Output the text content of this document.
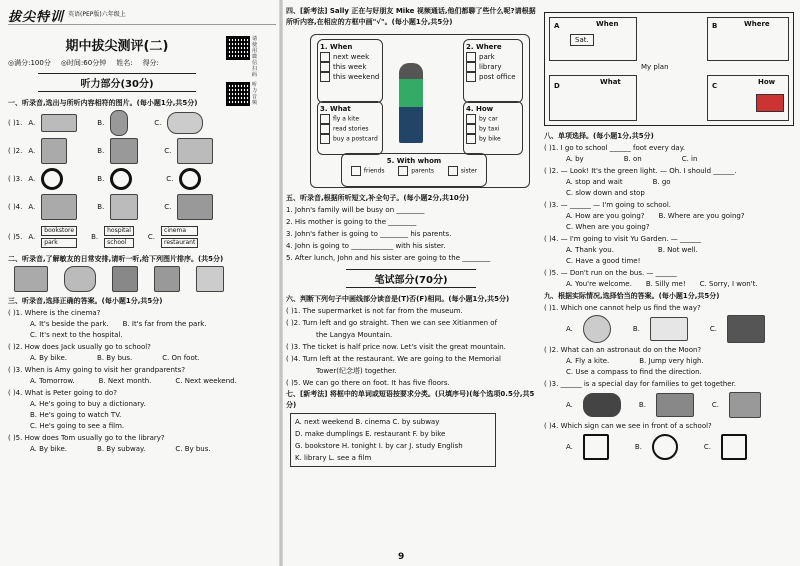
拔尖特训 英语(PEP版)六年级上
请使用微信扫码
听力音频
期中拔尖测评(二)
◎满分:100分 ◎时间:60分钟 姓名: 得分:
听力部分(30分)

一、听录音,选出与所听内容相符的图片。(每小题1分,共5分)

( )1. A.	B.	C.
( )2. A.	B.	C.
( )3. A.	B.	C.
( )4. A.	B.	C.
( )5. A.
bookstore
park
B.
hospital
school
C.
cinema
restaurant

二、听录音,了解敏友的日常安排,请听一听,给下列图片排序。(共5分)

三、听录音,选择正确的答案。(每小题1分,共5分)

( )1. Where is the cinema?

A. It's beside the park. B. It's far from the park.
C. It's next to the hospital.

( )2. How does Jack usually go to school?

A. By bike.	B. By bus.	C. On foot.

( )3. When is Amy going to visit her grandparents?

A. Tomorrow.	B. Next month.	C. Next weekend.

( )4. What is Peter going to do?

A. He's going to buy a dictionary.
B. He's going to watch TV.
C. He's going to see a film.

( )5. How does Tom usually go to the library?

A. By bike.	B. By subway.	C. By bus.

四、[新考法] Sally 正在与好朋友 Mike 视频通话,他们都聊了些什么呢?请根据所听内容,在相应的方框中画"√"。(每小题1分,共5分)

1. When
next week
this week
this weekend
2. Where
park
library
post office
3. What
fly a kite
read stories
buy a postcard
4. How
by car
by taxi
by bike
5. With whom
friends	parents	sister

五、听录音,根据所听短文,补全句子。(每小题2分,共10分)

1. John's family will be busy on ________

2. His mother is going to the ________

3. John's father is going to ________ his parents.

4. John is going to ____________ with his sister.

5. After lunch, John and his sister are going to the ________

笔试部分(70分)

六、判断下列句子中画线部分读音是(T)否(F)相同。(每小题1分,共5分)

( )1. The supermarket is not far from the museum.

( )2. Turn left and go straight. Then we can see Xitianmen of

the Langya Mountain.

( )3. The ticket is half price now. Let's visit the great mountain.

( )4. Turn left at the restaurant. We are going to the Memorial

Tower(纪念塔) together.

( )5. We can go there on foot. It has five floors.

七、[新考法] 将框中的单词或短语按要求分类。(只填序号)(每个选项0.5分,共5分)

A. next weekend B. cinema C. by subway
D. make dumplings E. restaurant F. by bike
G. bookstore H. tonight I. by car J. study English
K. library L. see a film
A	When
Sat.
B	Where
My plan
D	What	C	How

八、单项选择。(每小题1分,共5分)

( )1. I go to school ______ foot every day.

A. by	B. on	C. in

( )2. — Look! It's the green light. — Oh. I should ______.

A. stop and wait	B. go
C. slow down and stop

( )3. — ______ — I'm going to school.

A. How are you going? B. Where are you going?
C. When are you going?

( )4. — I'm going to visit Yu Garden. — ______

A. Thank you.	B. Not well.
C. Have a good time!

( )5. — Don't run on the bus. — ______

A. You're welcome. B. Silly me! C. Sorry, I won't.

九、根据实际情况,选择恰当的答案。(每小题1分,共5分)

( )1. Which one cannot help us find the way?

A.	B.	C.

( )2. What can an astronaut do on the Moon?

A. Fly a kite.	B. Jump very high.
C. Use a compass to find the direction.

( )3. ______ is a special day for families to get together.

A.	B.	C.

( )4. Which sign can we see in front of a school?

A.	B.	C.
9
